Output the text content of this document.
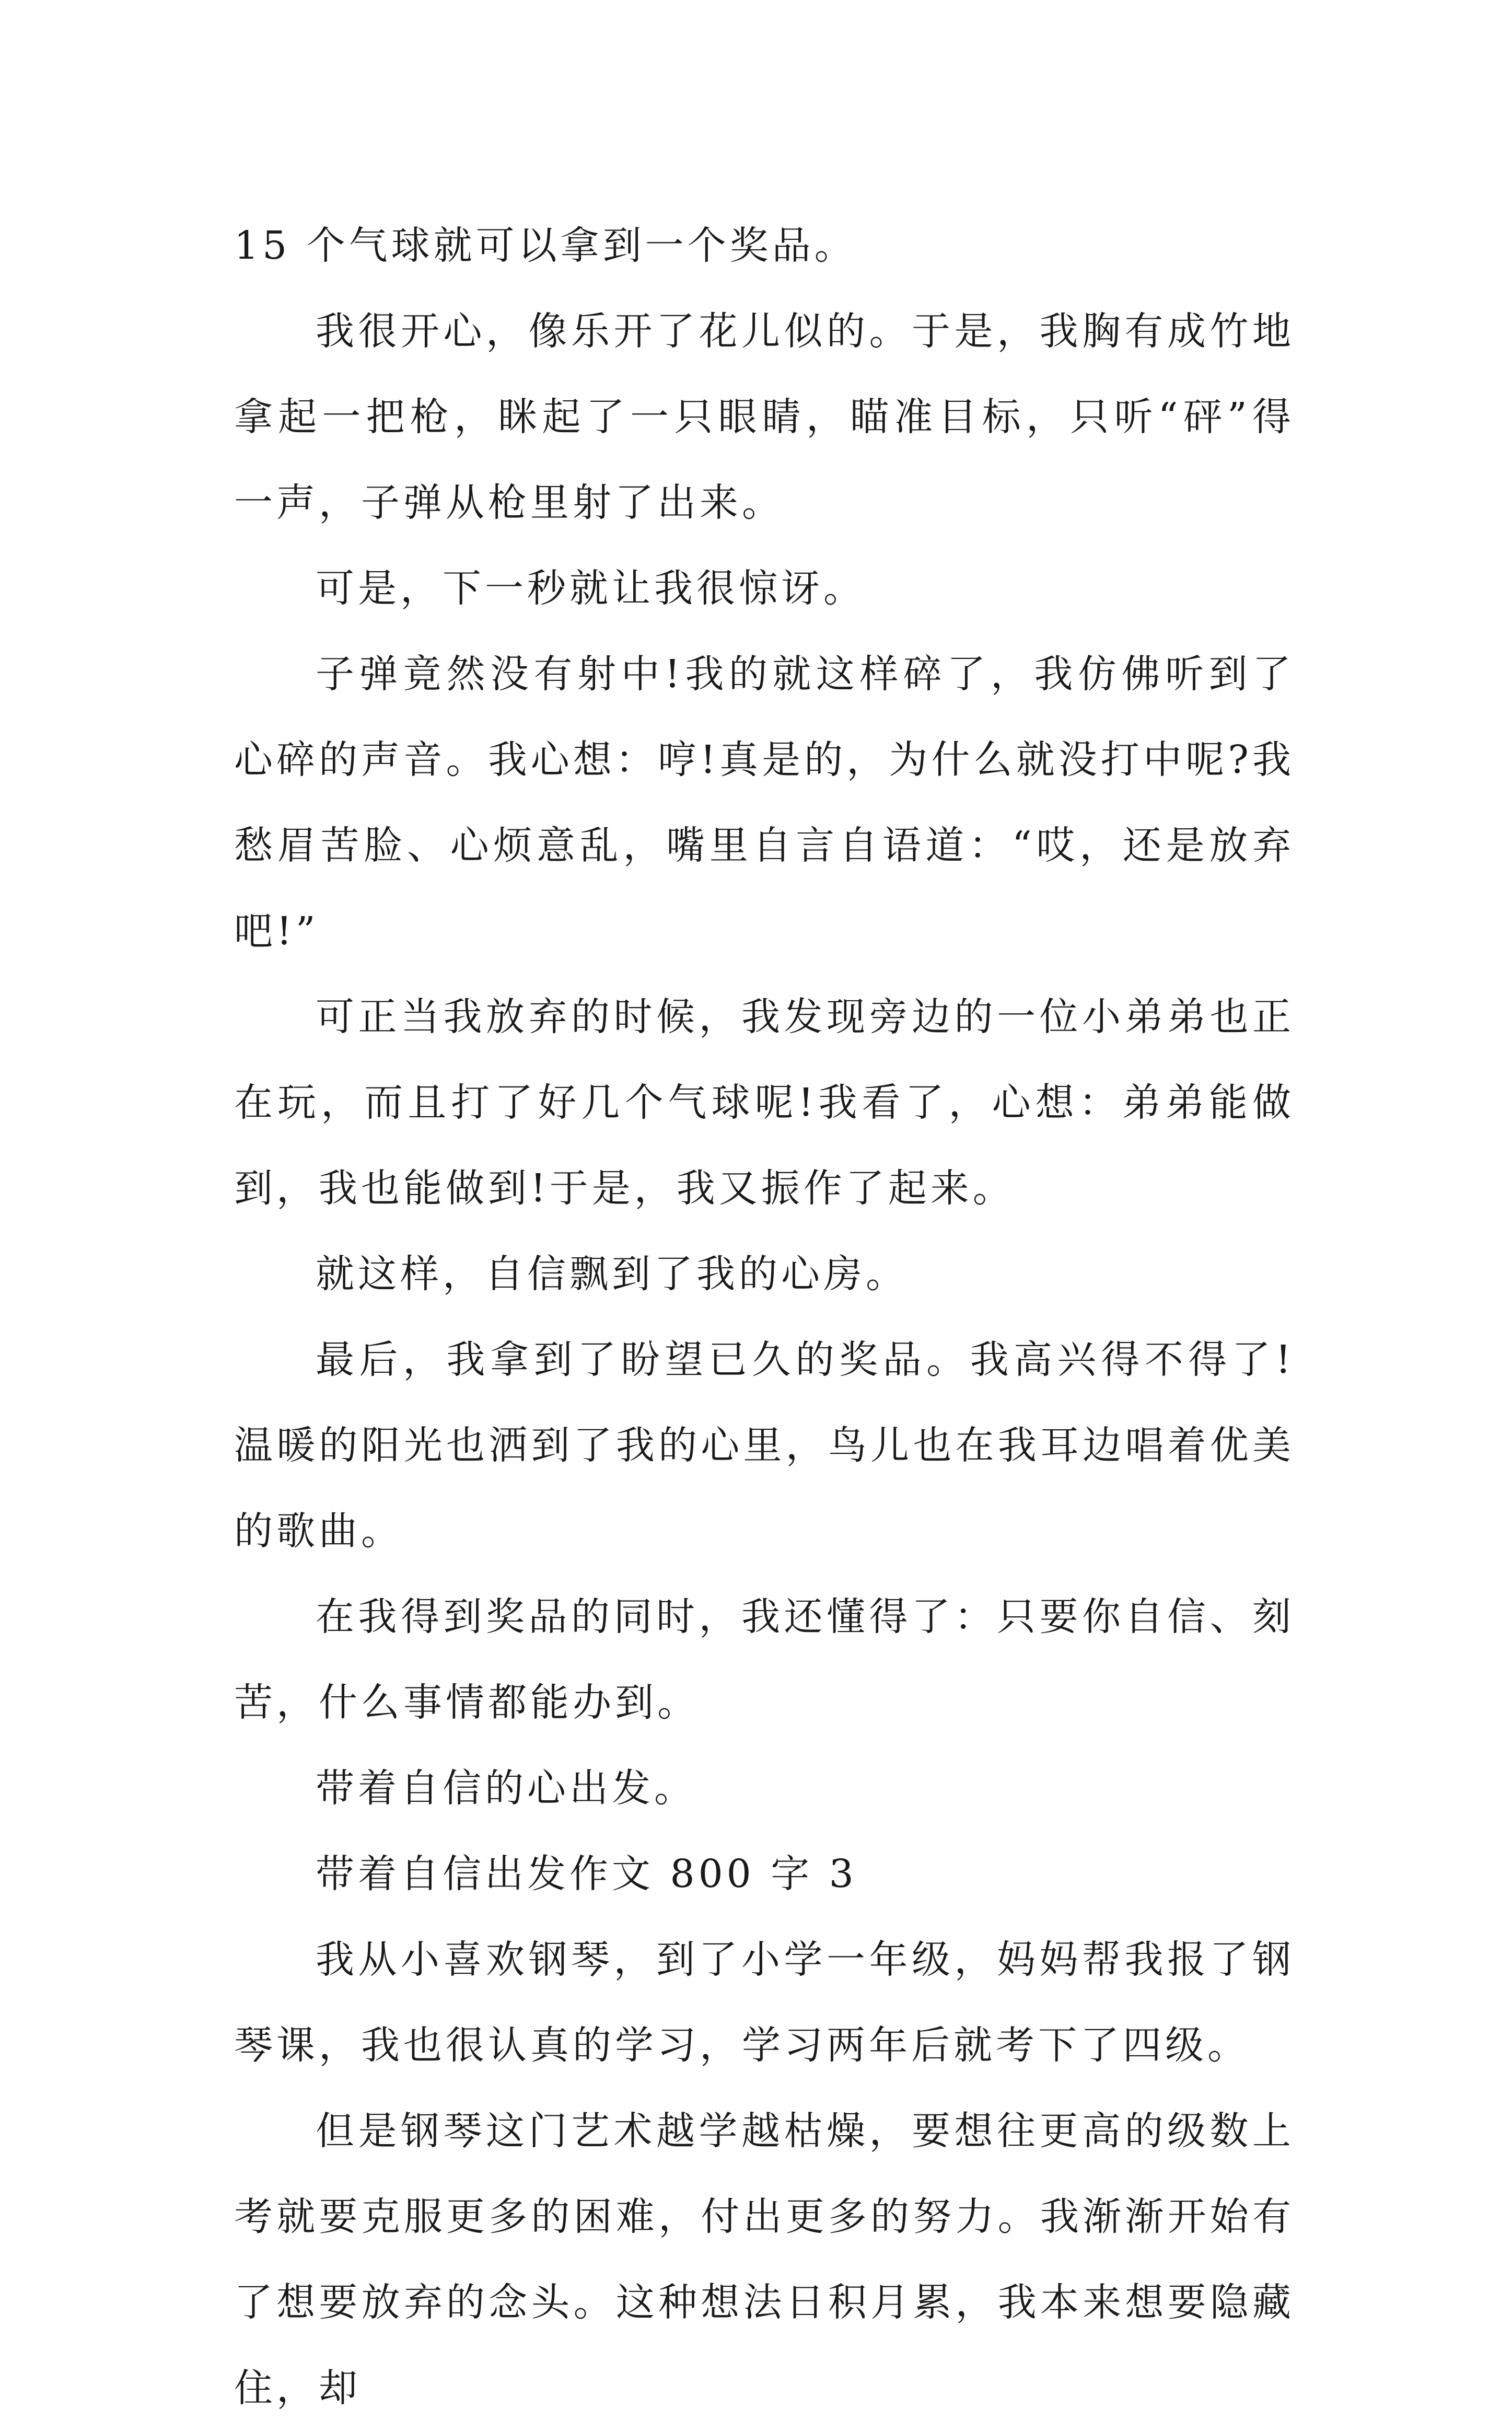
15 个气球就可以拿到一个奖品。

我很开心，像乐开了花儿似的。于是，我胸有成竹地拿起一把枪，眯起了一只眼睛，瞄准目标，只听“砰”得一声，子弹从枪里射了出来。

可是，下一秒就让我很惊讶。

子弹竟然没有射中!我的就这样碎了，我仿佛听到了心碎的声音。我心想：哼!真是的，为什么就没打中呢?我愁眉苦脸、心烦意乱，嘴里自言自语道：“哎，还是放弃吧!”

可正当我放弃的时候，我发现旁边的一位小弟弟也正在玩，而且打了好几个气球呢!我看了，心想：弟弟能做到，我也能做到!于是，我又振作了起来。

就这样，自信飘到了我的心房。

最后，我拿到了盼望已久的奖品。我高兴得不得了!温暖的阳光也洒到了我的心里，鸟儿也在我耳边唱着优美的歌曲。

在我得到奖品的同时，我还懂得了：只要你自信、刻苦，什么事情都能办到。

带着自信的心出发。

带着自信出发作文 800 字 3

我从小喜欢钢琴，到了小学一年级，妈妈帮我报了钢琴课，我也很认真的学习，学习两年后就考下了四级。

但是钢琴这门艺术越学越枯燥，要想往更高的级数上考就要克服更多的困难，付出更多的努力。我渐渐开始有了想要放弃的念头。这种想法日积月累，我本来想要隐藏住，却
